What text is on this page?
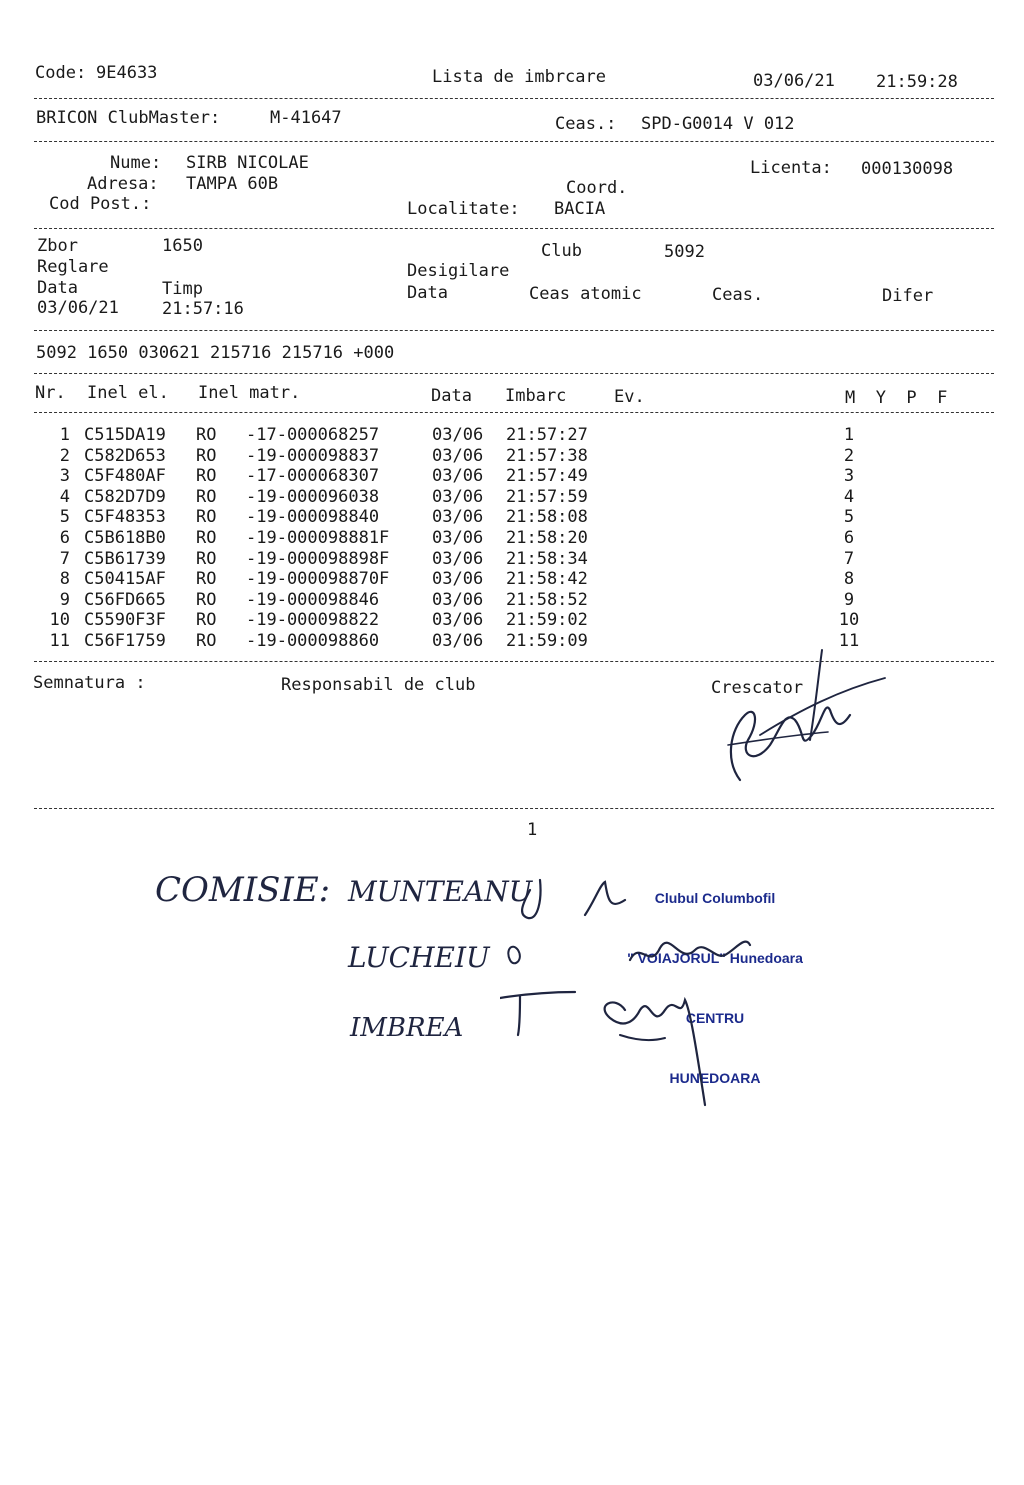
Code: 9E4633	Lista de imbrcare	03/06/21 21:59:28
BRICON ClubMaster:	M-41647	Ceas.: SPD-G0014 V 012
Nume: SIRB NICOLAE	Licenta: 000130098
Adresa: TAMPA 60B	Coord.
Cod Post.:	Localitate: BACIA
Zbor	1650	Club	5092
Reglare	Desigilare
Data	Timp	Data	Ceas atomic	Ceas.	Difer
03/06/21	21:57:16
5092 1650 030621 215716 215716 +000
Nr. Inel el. Inel matr.	Data Imbarc	Ev.	M  Y  P  F
1 C515DA19 RO -17-000068257	03/06 21:57:27	1
2 C582D653 RO -19-000098837	03/06 21:57:38	2
3 C5F480AF RO -17-000068307	03/06 21:57:49	3
4 C582D7D9 RO -19-000096038	03/06 21:57:59	4
5 C5F48353 RO -19-000098840	03/06 21:58:08	5
6 C5B618B0 RO -19-000098881F	03/06 21:58:20	6
7 C5B61739 RO -19-000098898F	03/06 21:58:34	7
8 C50415AF RO -19-000098870F	03/06 21:58:42	8
9 C56FD665 RO -19-000098846	03/06 21:58:52	9
10 C5590F3F RO -19-000098822	03/06 21:59:02	10
11 C56F1759 RO -19-000098860	03/06 21:59:09	11
Semnatura :	Responsabil de club	Crescator
1

Clubul Columbofil

" VOIAJORUL" Hunedoara

CENTRU

HUNEDOARA

COMISIE: MUNTEANU
LUCHEIU
IMBREA
